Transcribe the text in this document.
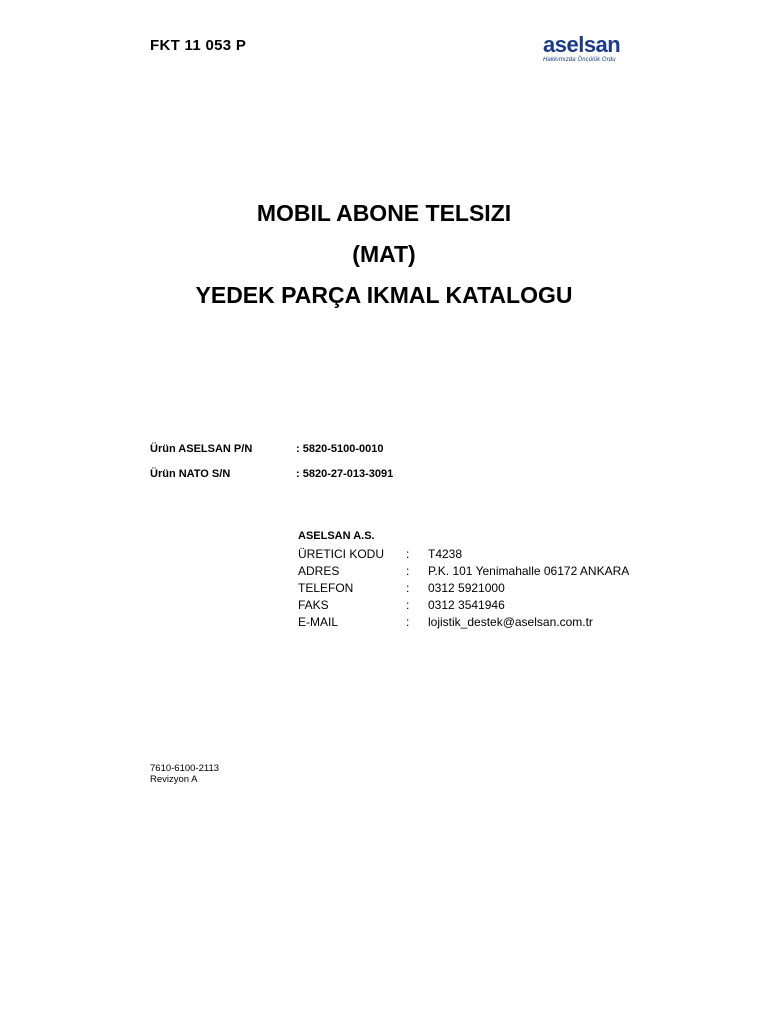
FKT 11 053 P	aselsan
Hakkımızda Öncülük Ordu
MOBIL ABONE TELSIZI
(MAT)
YEDEK PARÇA IKMAL KATALOGU
Ürün ASELSAN P/N	: 5820-5100-0010
Ürün NATO S/N	: 5820-27-013-3091
ASELSAN A.S.
ÜRETICI KODU : T4238
ADRES	: P.K. 101 Yenimahalle 06172 ANKARA
TELEFON	: 0312 5921000
FAKS	: 0312 3541946
E-MAIL	: lojistik_destek@aselsan.com.tr
7610-6100-2113
Revizyon A
